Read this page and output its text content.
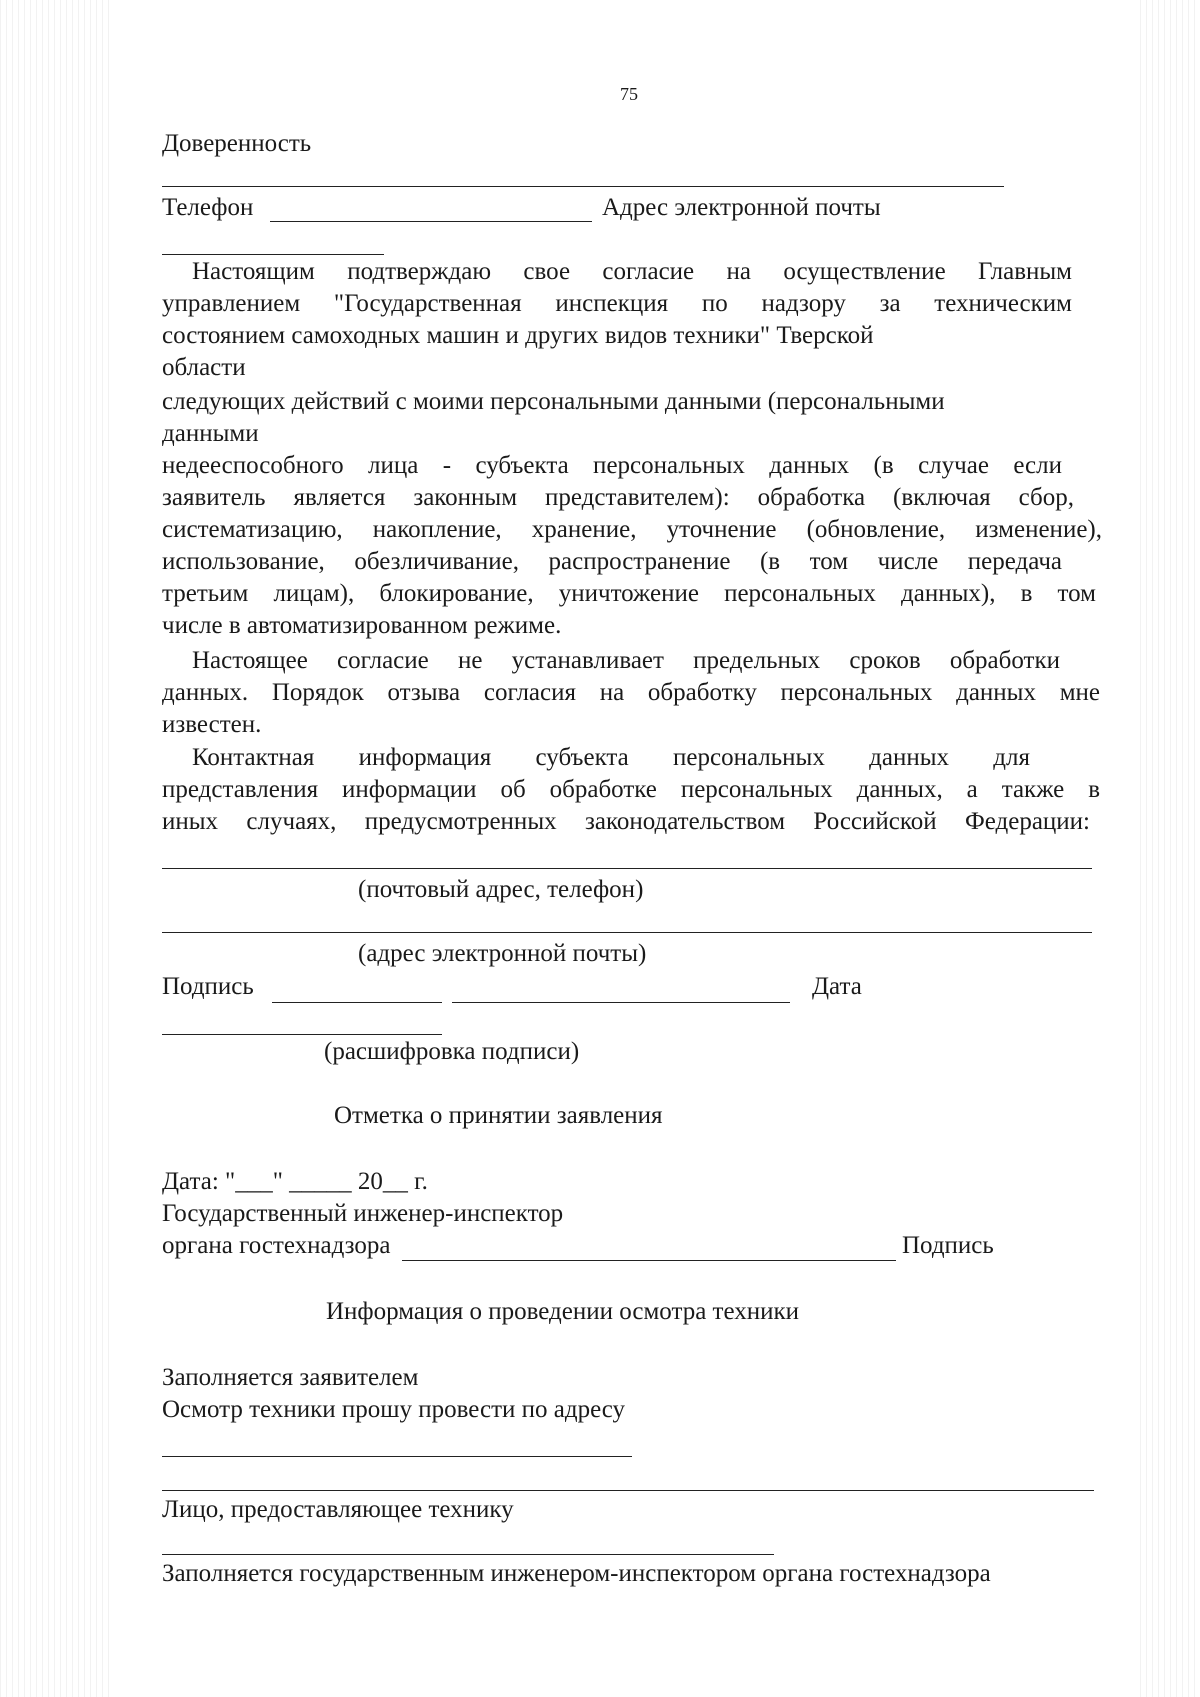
75
Доверенность
Телефон	Адрес электронной почты
Настоящим подтверждаю свое согласие на осуществление Главным
управлением "Государственная инспекция по надзору за техническим
состоянием самоходных машин и других видов техники" Тверской
области
следующих действий с моими персональными данными (персональными
данными
недееспособного лица - субъекта персональных данных (в случае если
заявитель является законным представителем): обработка (включая сбор,
систематизацию, накопление, хранение, уточнение (обновление, изменение),
использование, обезличивание, распространение (в том числе передача
третьим лицам), блокирование, уничтожение персональных данных), в том
числе в автоматизированном режиме.
Настоящее согласие не устанавливает предельных сроков обработки
данных. Порядок отзыва согласия на обработку персональных данных мне
известен.
Контактная информация субъекта персональных данных для
представления информации об обработке персональных данных, а также в
иных случаях, предусмотренных законодательством Российской Федерации:
(почтовый адрес, телефон)
(адрес электронной почты)
Подпись	Дата
(расшифровка подписи)
Отметка о принятии заявления
Дата: "___" _____ 20__ г.
Государственный инженер-инспектор
органа гостехнадзора	Подпись
Информация о проведении осмотра техники
Заполняется заявителем
Осмотр техники прошу провести по адресу
Лицо, предоставляющее технику
Заполняется государственным инженером-инспектором органа гостехнадзора
